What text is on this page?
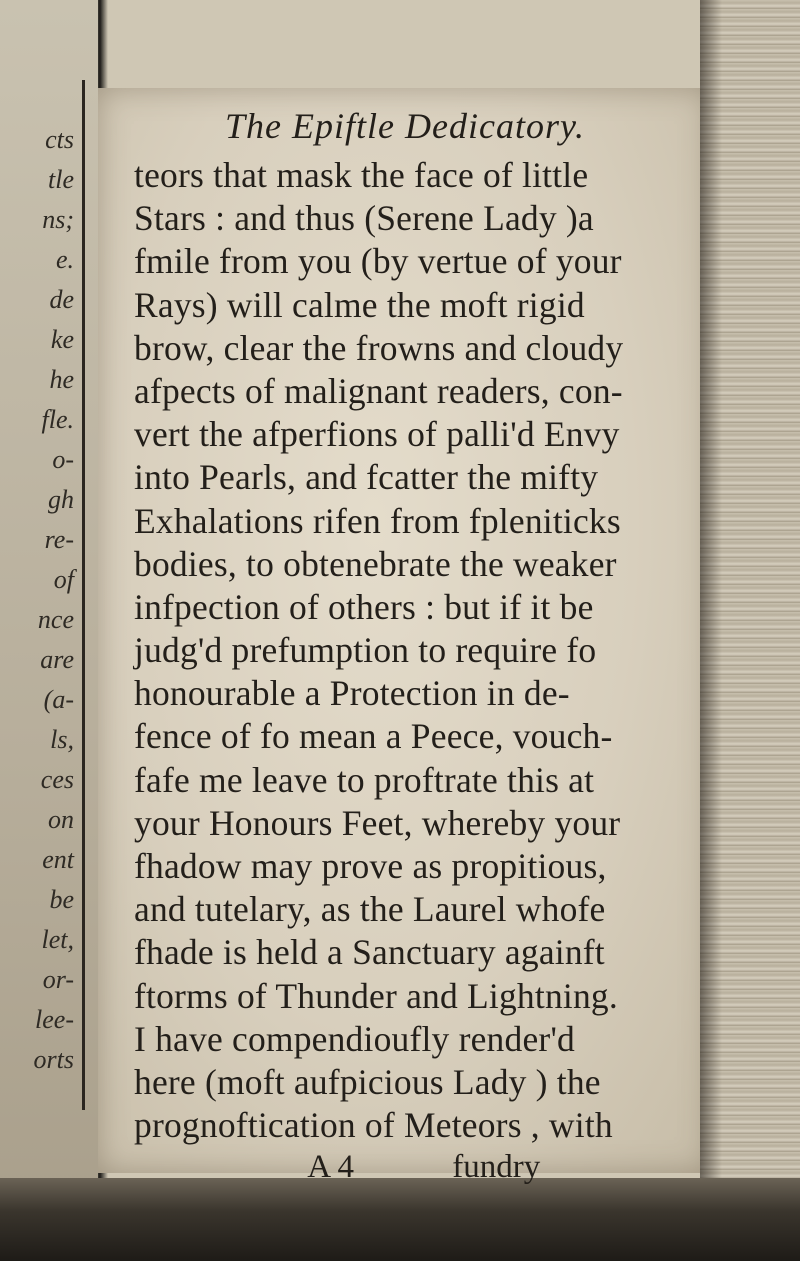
cts
tle
ns;
e.
de
ke
he
fle.
o-
gh
re-
of
nce
are
(a-
ls,
ces
on
ent
be
let,
or-
lee-
orts
The Epiftle Dedicatory.
teors that mask the face of little
Stars : and thus (Serene Lady )a
fmile from you (by vertue of your
Rays) will calme the moft rigid
brow, clear the frowns and cloudy
afpects of malignant readers, con-
vert the afperfions of palli'd Envy
into Pearls, and fcatter the mifty
Exhalations rifen from fpleniticks
bodies, to obtenebrate the weaker
infpection of others : but if it be
judg'd prefumption to require fo
honourable a Protection in de-
fence of fo mean a Peece, vouch-
fafe me leave to proftrate this at
your Honours Feet, whereby your
fhadow may prove as propitious,
and tutelary, as the Laurel whofe
fhade is held a Sanctuary againft
ftorms of Thunder and Lightning.
I have compendioufly render'd
here (moft aufpicious Lady ) the
prognoftication of Meteors , with
A 4	fundry
